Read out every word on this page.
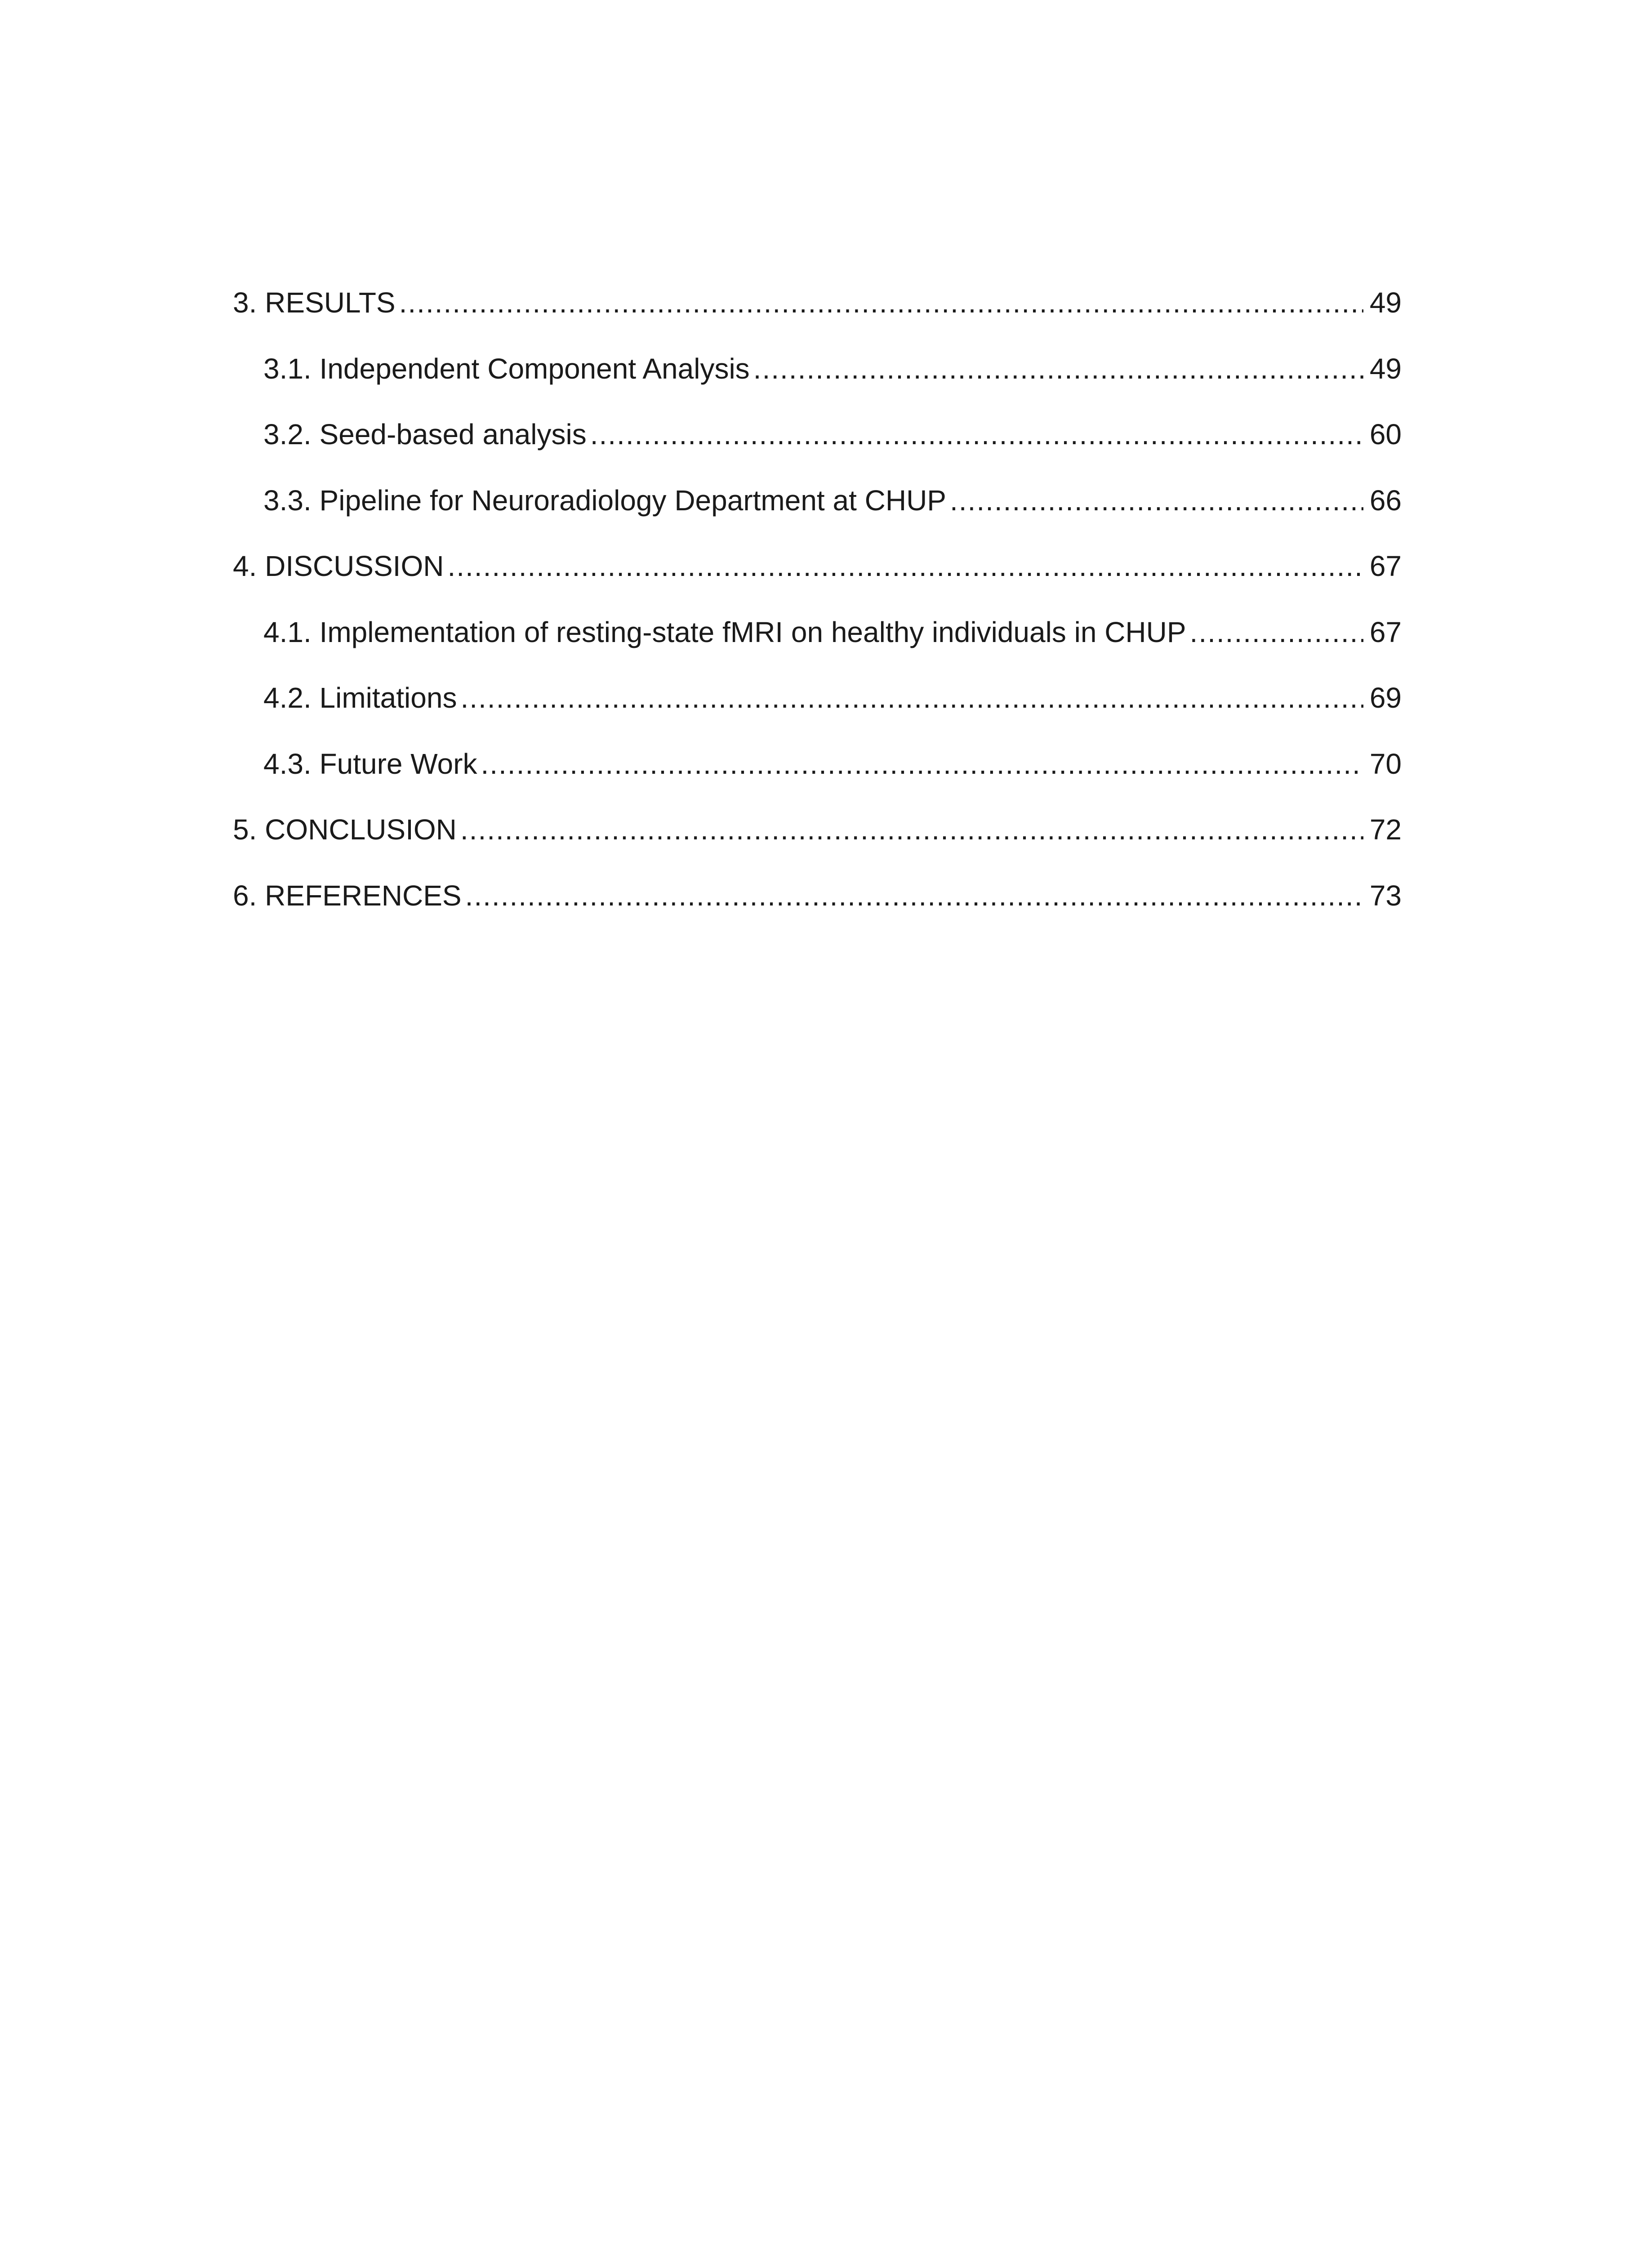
3. RESULTS .....	49
3.1. Independent Component Analysis .....	49
3.2. Seed-based analysis .....	60
3.3. Pipeline for Neuroradiology Department at CHUP .....	66
4. DISCUSSION .....	67
4.1. Implementation of resting-state fMRI on healthy individuals in CHUP .....	67
4.2. Limitations .....	69
4.3. Future Work .....	70
5. CONCLUSION .....	72
6. REFERENCES .....	73
